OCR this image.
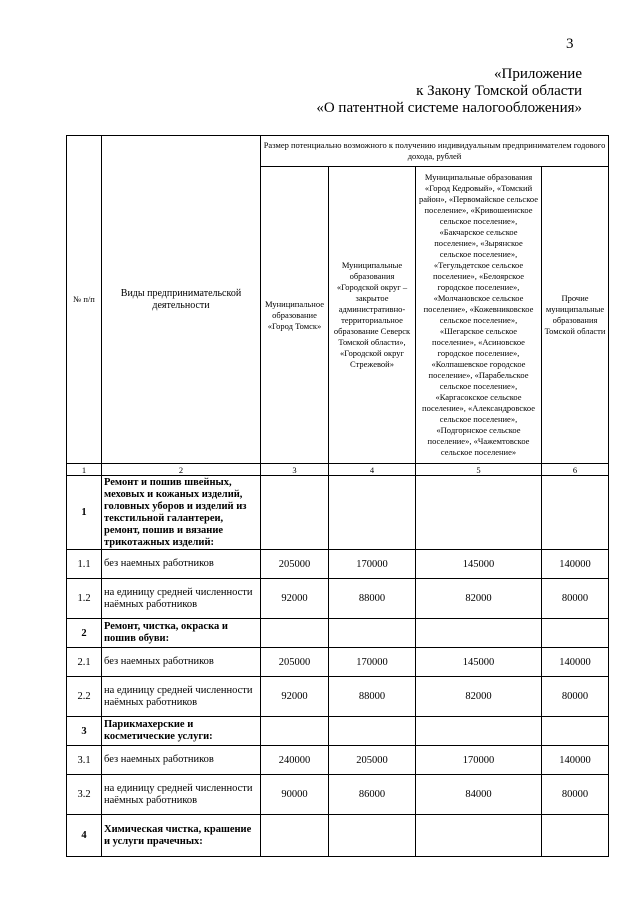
3
«Приложение
к Закону Томской области
«О патентной системе налогообложения»
№ п/п	Виды предпринимательской деятельности	Размер потенциально возможного к получению индивидуальным предпринимателем годового дохода, рублей			
		Муниципальное образование «Город Томск»	Муниципальные образования «Городской округ – закрытое административно-территориальное образование Северск Томской области», «Городской округ Стрежевой»	Муниципальные образования «Город Кедровый», «Томский район», «Первомайское сельское поселение», «Кривошеинское сельское поселение», «Бакчарское сельское поселение», «Зырянское сельское поселение», «Тегульдетское сельское поселение», «Белоярское городское поселение», «Молчановское сельское поселение», «Кожевниковское сельское поселение», «Шегарское сельское поселение», «Асиновское городское поселение», «Колпашевское городское поселение», «Парабельское сельское поселение», «Каргасокское сельское поселение», «Александровское сельское поселение», «Подгорнское сельское поселение», «Чажемтовское сельское поселение»	Прочие муниципальные образования Томской области
1	2	3	4	5	6
1	Ремонт и пошив швейных, меховых и кожаных изделий, головных уборов и изделий из текстильной галантереи, ремонт, пошив и вязание трикотажных изделий:				
1.1	без наемных работников	205000	170000	145000	140000
1.2	на единицу средней численности наёмных работников	92000	88000	82000	80000
2	Ремонт, чистка, окраска и пошив обуви:				
2.1	без наемных работников	205000	170000	145000	140000
2.2	на единицу средней численности наёмных работников	92000	88000	82000	80000
3	Парикмахерские и косметические услуги:				
3.1	без наемных работников	240000	205000	170000	140000
3.2	на единицу средней численности наёмных работников	90000	86000	84000	80000
4	Химическая чистка, крашение и услуги прачечных:				
